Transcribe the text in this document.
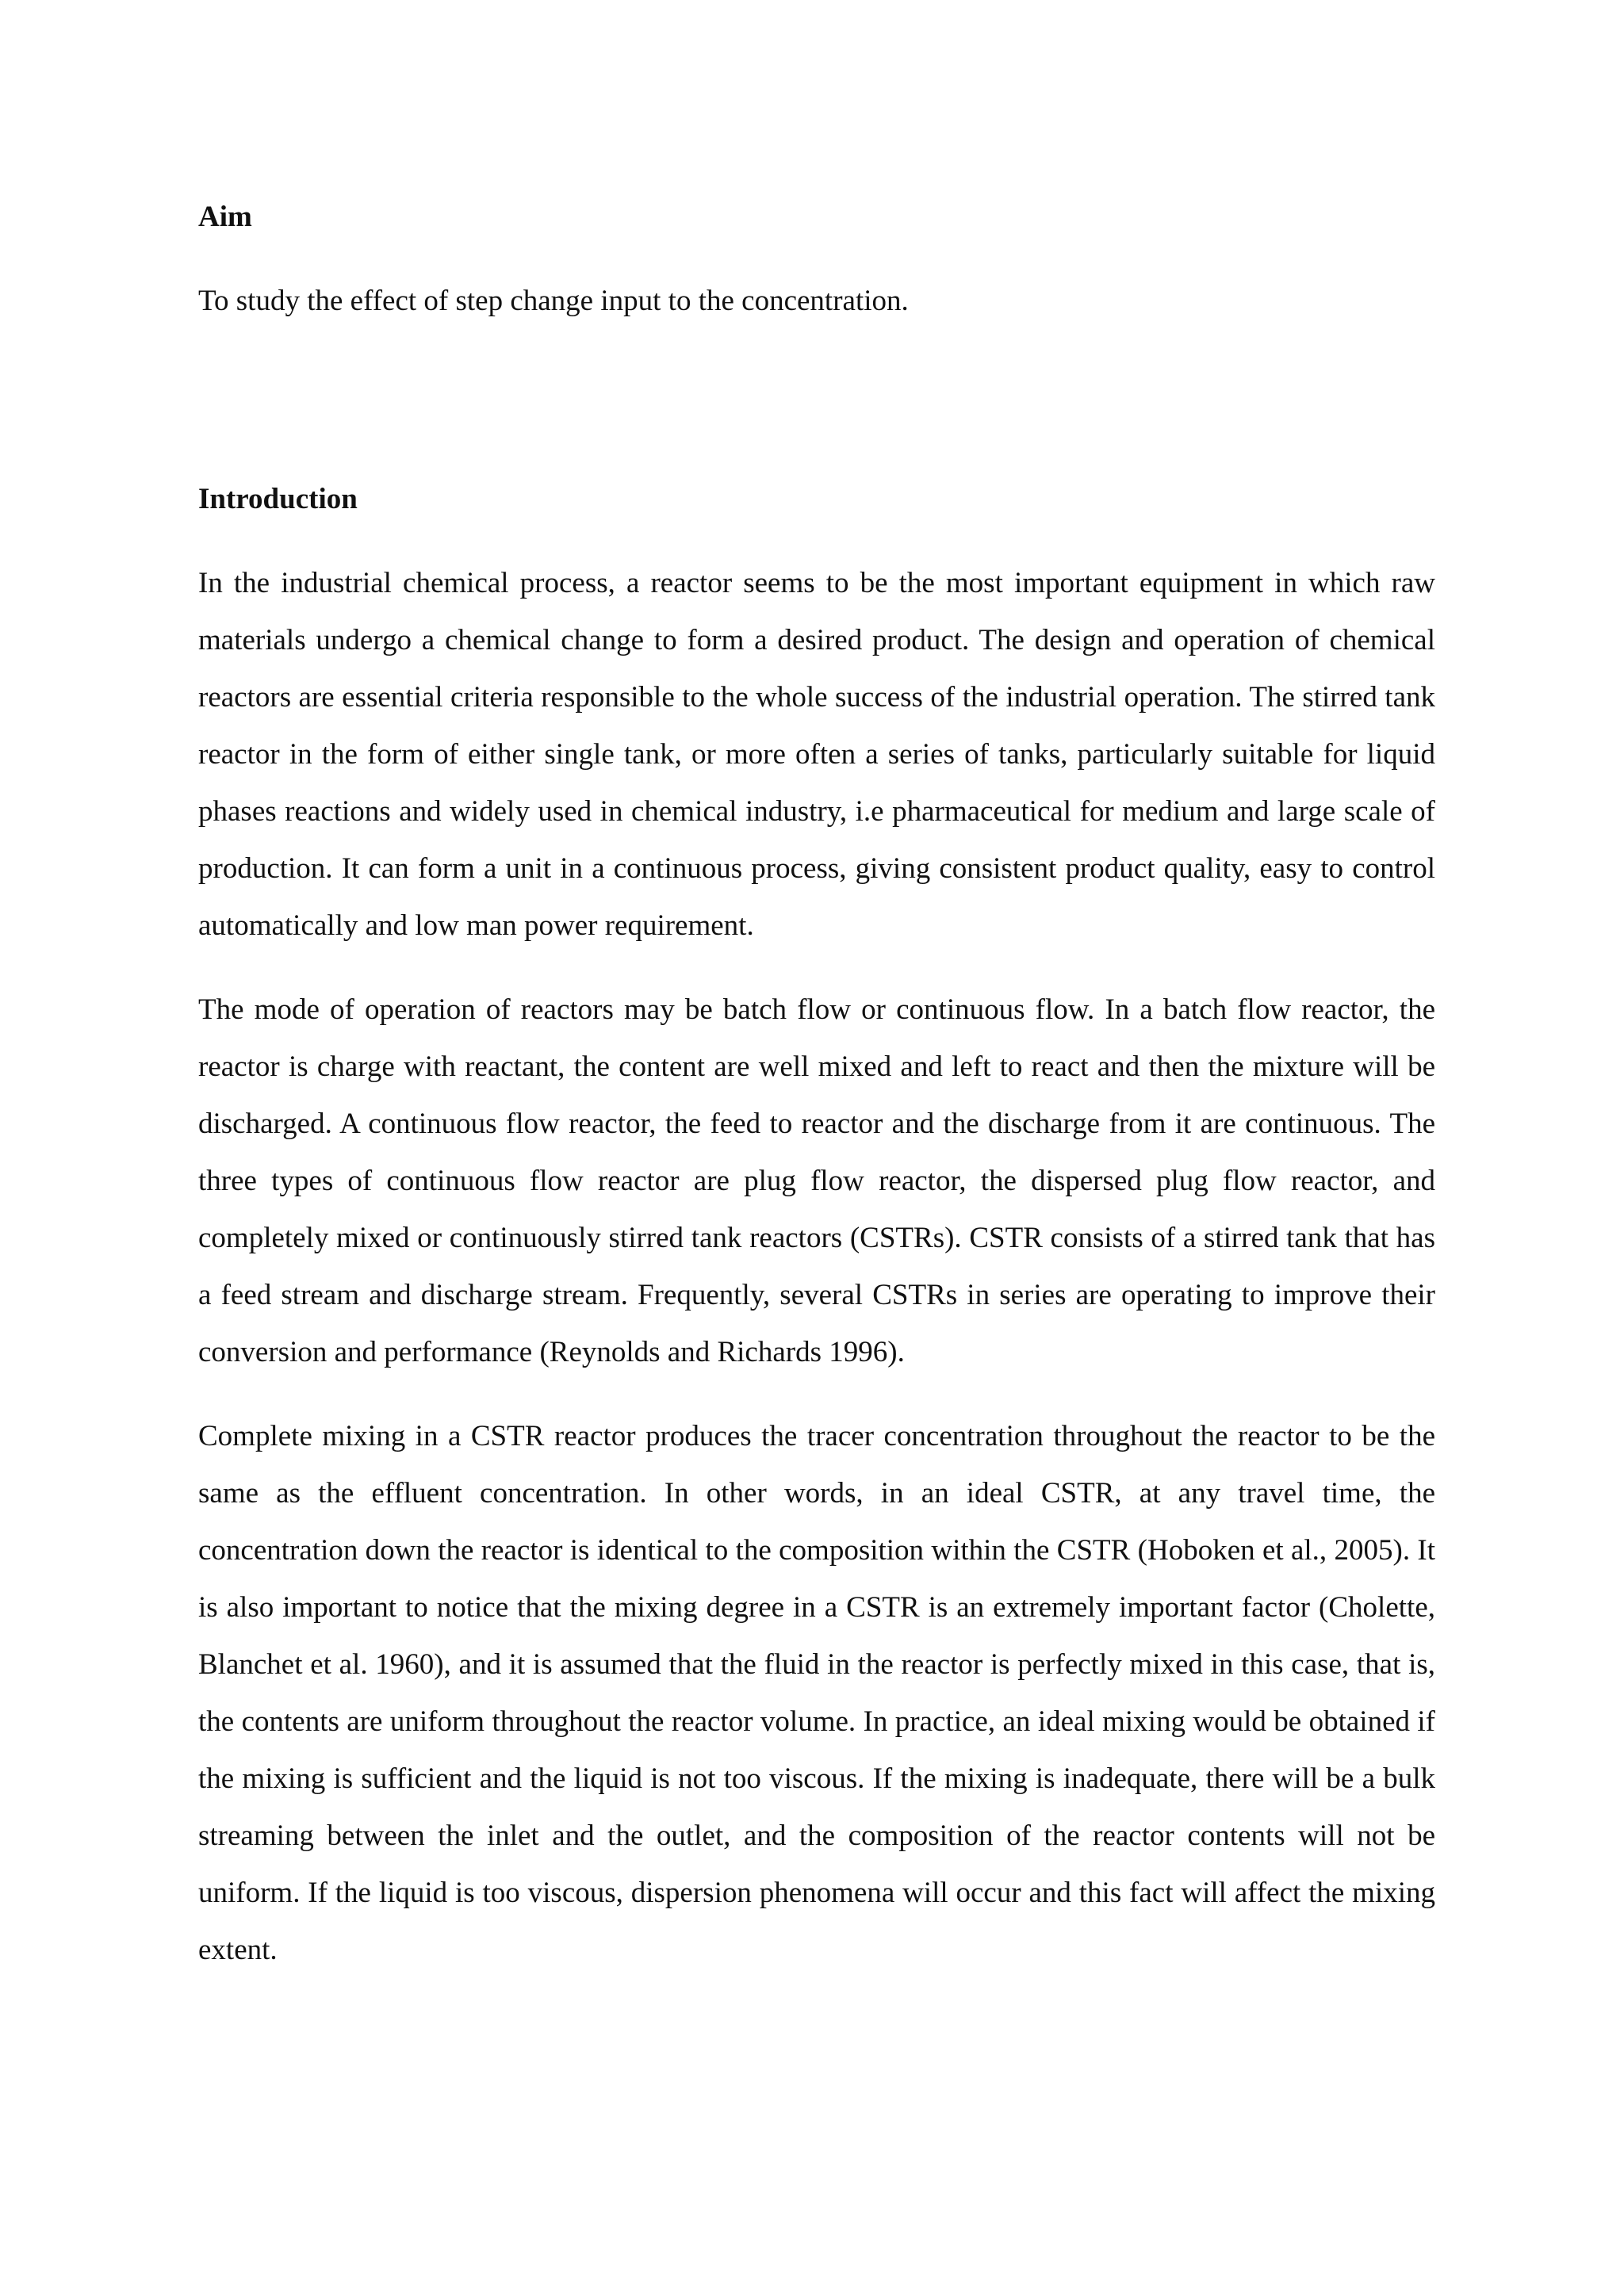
Aim

To study the effect of step change input to the concentration.

Introduction

In the industrial chemical process, a reactor seems to be the most important equipment in which raw materials undergo a chemical change to form a desired product. The design and operation of chemical reactors are essential criteria responsible to the whole success of the industrial operation. The stirred tank reactor in the form of either single tank, or more often a series of tanks, particularly suitable for liquid phases reactions and widely used in chemical industry, i.e pharmaceutical for medium and large scale of production. It can form a unit in a continuous process, giving consistent product quality, easy to control automatically and low man power requirement.

The mode of operation of reactors may be batch flow or continuous flow. In a batch flow reactor, the reactor is charge with reactant, the content are well mixed and left to react and then the mixture will be discharged. A continuous flow reactor, the feed to reactor and the discharge from it are continuous. The three types of continuous flow reactor are plug flow reactor, the dispersed plug flow reactor, and completely mixed or continuously stirred tank reactors (CSTRs). CSTR consists of a stirred tank that has a feed stream and discharge stream. Frequently, several CSTRs in series are operating to improve their conversion and performance (Reynolds and Richards 1996).

Complete mixing in a CSTR reactor produces the tracer concentration throughout the reactor to be the same as the effluent concentration. In other words, in an ideal CSTR, at any travel time, the concentration down the reactor is identical to the composition within the CSTR (Hoboken et al., 2005). It is also important to notice that the mixing degree in a CSTR is an extremely important factor (Cholette, Blanchet et al. 1960), and it is assumed that the fluid in the reactor is perfectly mixed in this case, that is, the contents are uniform throughout the reactor volume. In practice, an ideal mixing would be obtained if the mixing is sufficient and the liquid is not too viscous. If the mixing is inadequate, there will be a bulk streaming between the inlet and the outlet, and the composition of the reactor contents will not be uniform. If the liquid is too viscous, dispersion phenomena will occur and this fact will affect the mixing extent.
